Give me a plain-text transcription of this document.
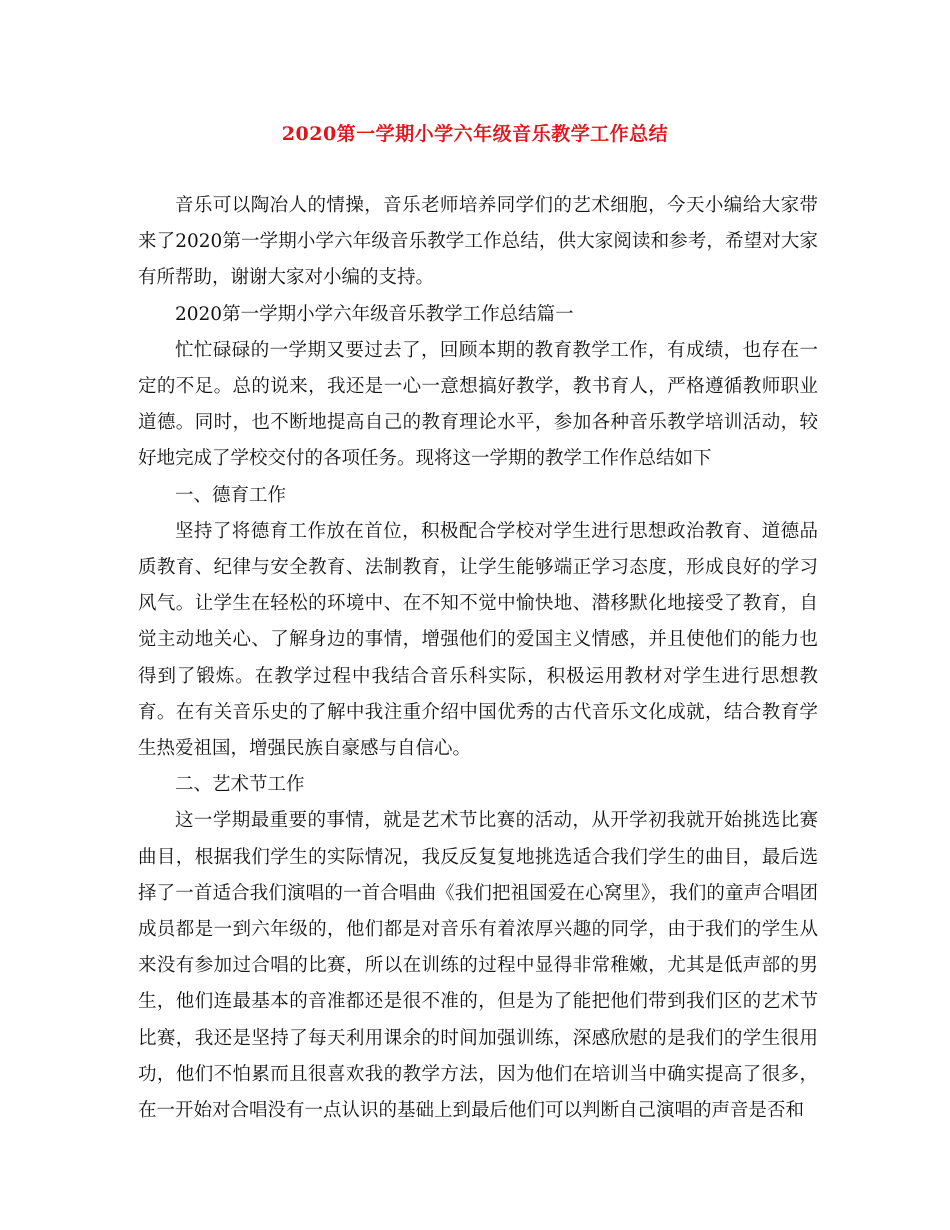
2020第一学期小学六年级音乐教学工作总结

音乐可以陶冶人的情操，音乐老师培养同学们的艺术细胞，今天小编给大家带来了2020第一学期小学六年级音乐教学工作总结，供大家阅读和参考，希望对大家有所帮助，谢谢大家对小编的支持。

2020第一学期小学六年级音乐教学工作总结篇一

忙忙碌碌的一学期又要过去了，回顾本期的教育教学工作，有成绩，也存在一定的不足。总的说来，我还是一心一意想搞好教学，教书育人，严格遵循教师职业道德。同时，也不断地提高自己的教育理论水平，参加各种音乐教学培训活动，较好地完成了学校交付的各项任务。现将这一学期的教学工作作总结如下

一、德育工作

坚持了将德育工作放在首位，积极配合学校对学生进行思想政治教育、道德品质教育、纪律与安全教育、法制教育，让学生能够端正学习态度，形成良好的学习风气。让学生在轻松的环境中、在不知不觉中愉快地、潜移默化地接受了教育，自觉主动地关心、了解身边的事情，增强他们的爱国主义情感，并且使他们的能力也得到了锻炼。在教学过程中我结合音乐科实际，积极运用教材对学生进行思想教育。在有关音乐史的了解中我注重介绍中国优秀的古代音乐文化成就，结合教育学生热爱祖国，增强民族自豪感与自信心。

二、艺术节工作

这一学期最重要的事情，就是艺术节比赛的活动，从开学初我就开始挑选比赛曲目，根据我们学生的实际情况，我反反复复地挑选适合我们学生的曲目，最后选择了一首适合我们演唱的一首合唱曲《我们把祖国爱在心窝里》，我们的童声合唱团成员都是一到六年级的，他们都是对音乐有着浓厚兴趣的同学，由于我们的学生从来没有参加过合唱的比赛，所以在训练的过程中显得非常稚嫩，尤其是低声部的男生，他们连最基本的音准都还是很不准的，但是为了能把他们带到我们区的艺术节比赛，我还是坚持了每天利用课余的时间加强训练，深感欣慰的是我们的学生很用功，他们不怕累而且很喜欢我的教学方法，因为他们在培训当中确实提高了很多，在一开始对合唱没有一点认识的基础上到最后他们可以判断自己演唱的声音是否和
